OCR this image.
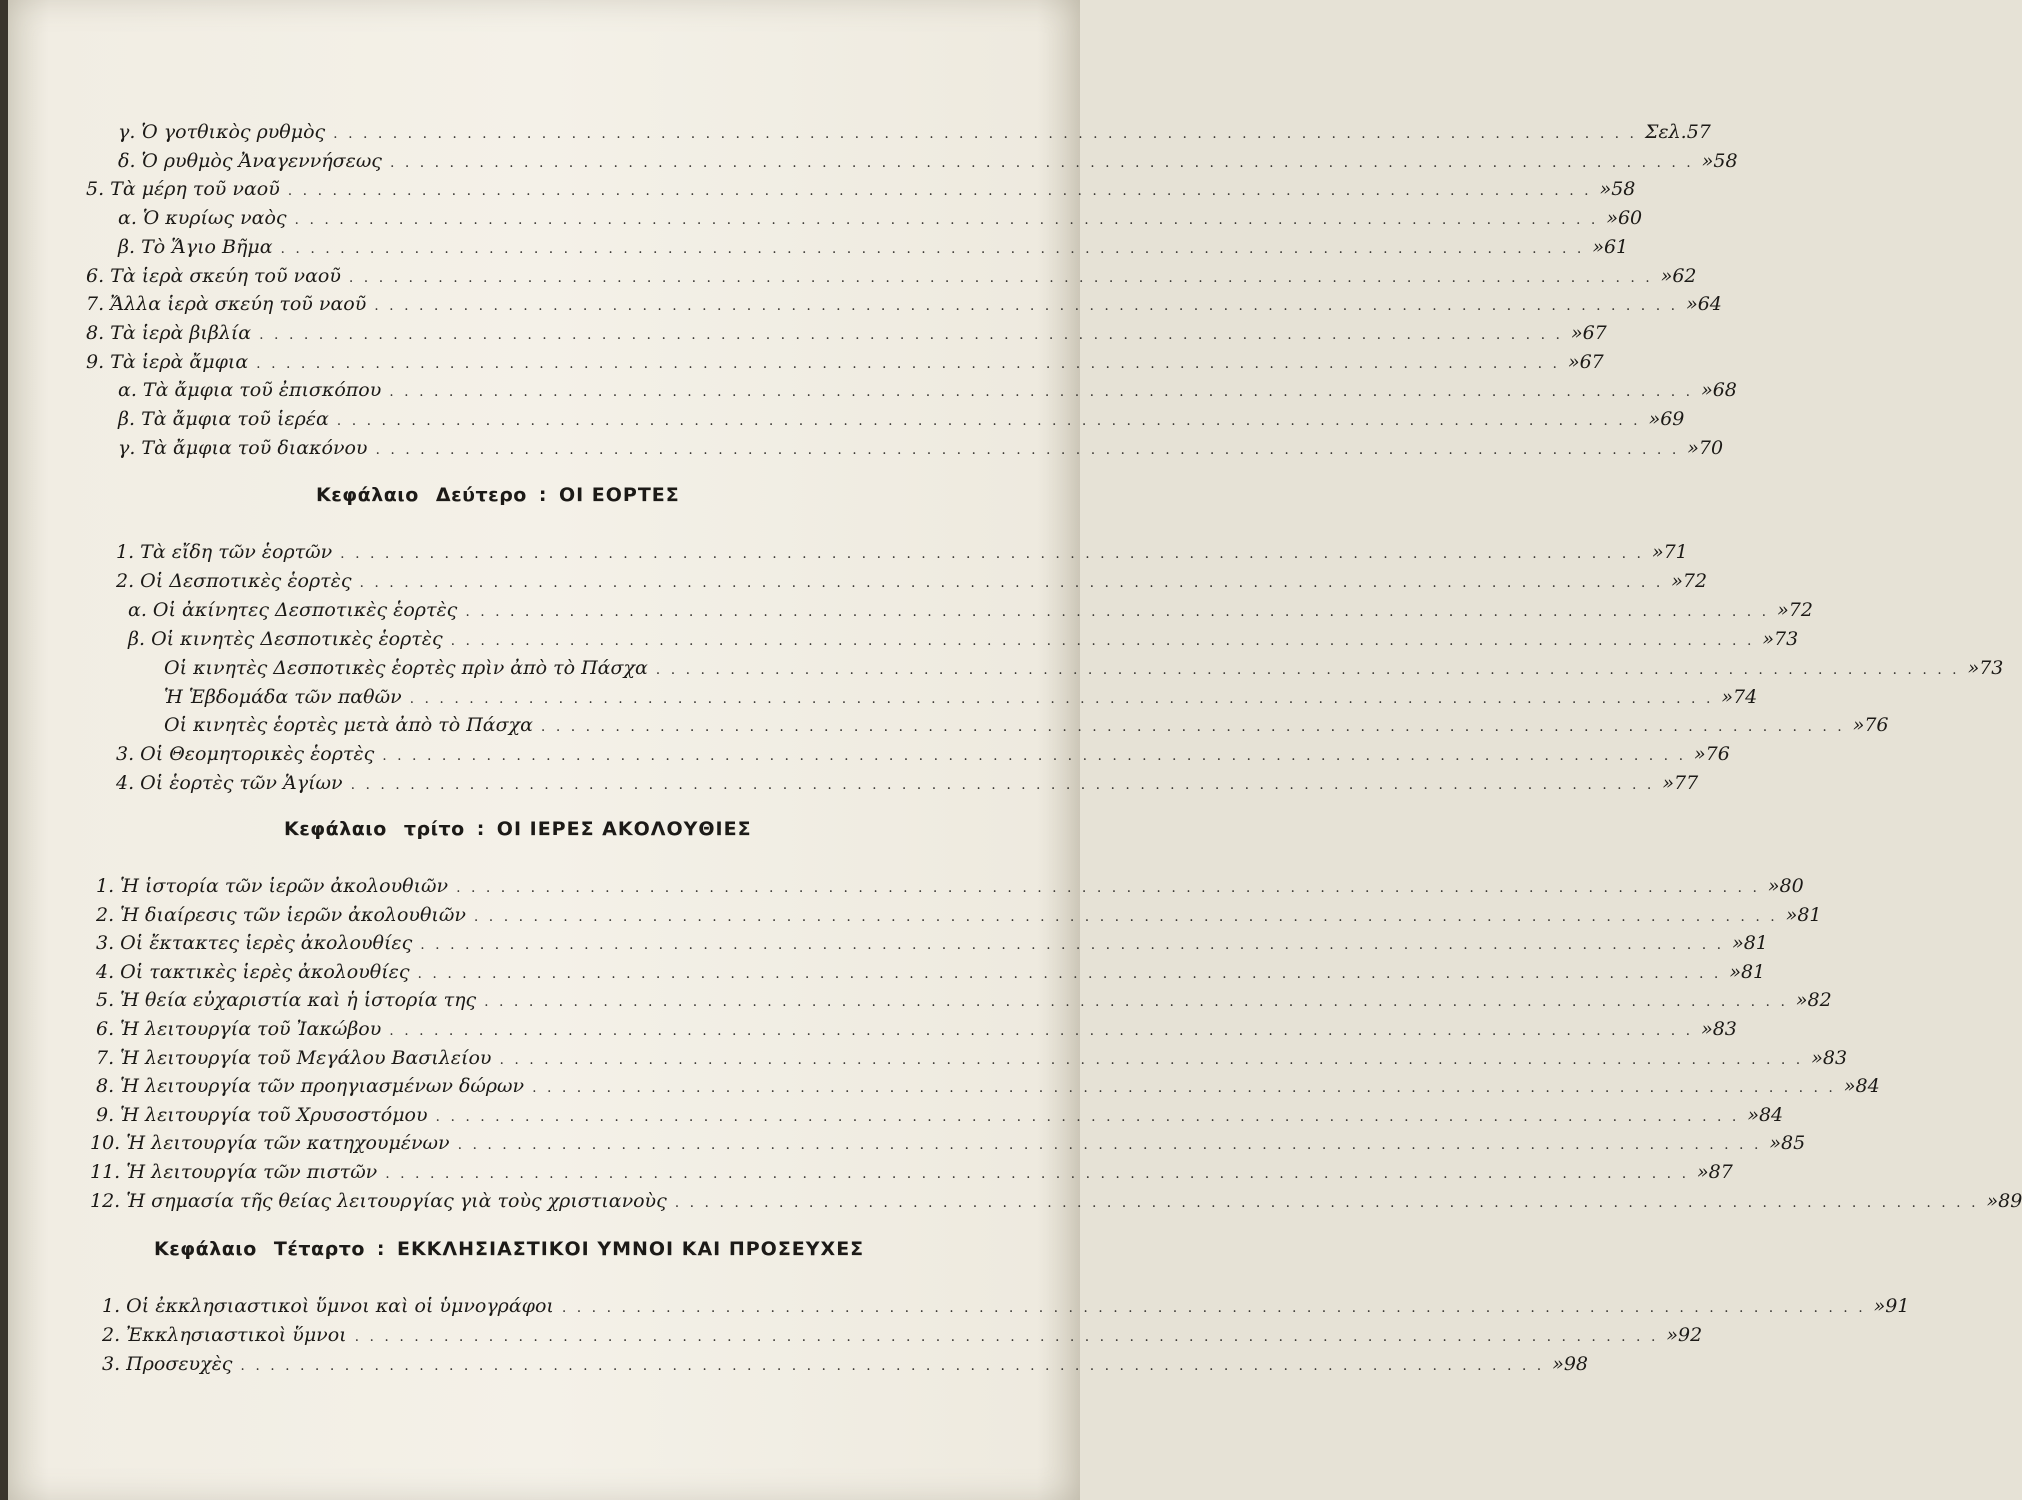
γ. Ὁ γοτθικὸς ρυθμὸς . . . . . . . . . . . . . . . . . . . . . . . . . . . . . . . . . . . . . . . . . . . . . . . . . . . . . . . . . . . . . . . . . . . . . . . . . . . . . . . . . . . . . . . . Σελ. 57
δ. Ὁ ρυθμὸς Ἀναγεννήσεως . . . . . . . . . . . . . . . . . . . . . . . . . . . . . . . . . . . . . . . . . . . . . . . . . . . . . . . . . . . . . . . . . . . . . . . . . . . . . . . . . . . . . . . . » 58
5. Τὰ μέρη τοῦ ναοῦ . . . . . . . . . . . . . . . . . . . . . . . . . . . . . . . . . . . . . . . . . . . . . . . . . . . . . . . . . . . . . . . . . . . . . . . . . . . . . . . . . . . . . . . . » 58
α. Ὁ κυρίως ναὸς . . . . . . . . . . . . . . . . . . . . . . . . . . . . . . . . . . . . . . . . . . . . . . . . . . . . . . . . . . . . . . . . . . . . . . . . . . . . . . . . . . . . . . . . » 60
β. Τὸ Ἅγιο Βῆμα . . . . . . . . . . . . . . . . . . . . . . . . . . . . . . . . . . . . . . . . . . . . . . . . . . . . . . . . . . . . . . . . . . . . . . . . . . . . . . . . . . . . . . . . » 61
6. Τὰ ἱερὰ σκεύη τοῦ ναοῦ . . . . . . . . . . . . . . . . . . . . . . . . . . . . . . . . . . . . . . . . . . . . . . . . . . . . . . . . . . . . . . . . . . . . . . . . . . . . . . . . . . . . . . . . » 62
7. Ἄλλα ἱερὰ σκεύη τοῦ ναοῦ . . . . . . . . . . . . . . . . . . . . . . . . . . . . . . . . . . . . . . . . . . . . . . . . . . . . . . . . . . . . . . . . . . . . . . . . . . . . . . . . . . . . . . . . » 64
8. Τὰ ἱερὰ βιβλία . . . . . . . . . . . . . . . . . . . . . . . . . . . . . . . . . . . . . . . . . . . . . . . . . . . . . . . . . . . . . . . . . . . . . . . . . . . . . . . . . . . . . . . . » 67
9. Τὰ ἱερὰ ἄμφια . . . . . . . . . . . . . . . . . . . . . . . . . . . . . . . . . . . . . . . . . . . . . . . . . . . . . . . . . . . . . . . . . . . . . . . . . . . . . . . . . . . . . . . . » 67
α. Τὰ ἄμφια τοῦ ἐπισκόπου . . . . . . . . . . . . . . . . . . . . . . . . . . . . . . . . . . . . . . . . . . . . . . . . . . . . . . . . . . . . . . . . . . . . . . . . . . . . . . . . . . . . . . . . » 68
β. Τὰ ἄμφια τοῦ ἱερέα . . . . . . . . . . . . . . . . . . . . . . . . . . . . . . . . . . . . . . . . . . . . . . . . . . . . . . . . . . . . . . . . . . . . . . . . . . . . . . . . . . . . . . . . » 69
γ. Τὰ ἄμφια τοῦ διακόνου . . . . . . . . . . . . . . . . . . . . . . . . . . . . . . . . . . . . . . . . . . . . . . . . . . . . . . . . . . . . . . . . . . . . . . . . . . . . . . . . . . . . . . . . » 70
1. Τὰ εἴδη τῶν ἑορτῶν . . . . . . . . . . . . . . . . . . . . . . . . . . . . . . . . . . . . . . . . . . . . . . . . . . . . . . . . . . . . . . . . . . . . . . . . . . . . . . . . . . . . . . . . » 71
2. Οἱ Δεσποτικὲς ἑορτὲς . . . . . . . . . . . . . . . . . . . . . . . . . . . . . . . . . . . . . . . . . . . . . . . . . . . . . . . . . . . . . . . . . . . . . . . . . . . . . . . . . . . . . . . . » 72
α. Οἱ ἀκίνητες Δεσποτικὲς ἑορτὲς . . . . . . . . . . . . . . . . . . . . . . . . . . . . . . . . . . . . . . . . . . . . . . . . . . . . . . . . . . . . . . . . . . . . . . . . . . . . . . . . . . . . . . . . » 72
β. Οἱ κινητὲς Δεσποτικὲς ἑορτὲς . . . . . . . . . . . . . . . . . . . . . . . . . . . . . . . . . . . . . . . . . . . . . . . . . . . . . . . . . . . . . . . . . . . . . . . . . . . . . . . . . . . . . . . . » 73
Οἱ κινητὲς Δεσποτικὲς ἑορτὲς πρὶν ἀπὸ τὸ Πάσχα . . . . . . . . . . . . . . . . . . . . . . . . . . . . . . . . . . . . . . . . . . . . . . . . . . . . . . . . . . . . . . . . . . . . . . . . . . . . . . . . . . . . . . . . » 73
Ἡ Ἑβδομάδα τῶν παθῶν . . . . . . . . . . . . . . . . . . . . . . . . . . . . . . . . . . . . . . . . . . . . . . . . . . . . . . . . . . . . . . . . . . . . . . . . . . . . . . . . . . . . . . . . » 74
Οἱ κινητὲς ἑορτὲς μετὰ ἀπὸ τὸ Πάσχα . . . . . . . . . . . . . . . . . . . . . . . . . . . . . . . . . . . . . . . . . . . . . . . . . . . . . . . . . . . . . . . . . . . . . . . . . . . . . . . . . . . . . . . . » 76
3. Οἱ Θεομητορικὲς ἑορτὲς . . . . . . . . . . . . . . . . . . . . . . . . . . . . . . . . . . . . . . . . . . . . . . . . . . . . . . . . . . . . . . . . . . . . . . . . . . . . . . . . . . . . . . . . » 76
4. Οἱ ἑορτὲς τῶν Ἁγίων . . . . . . . . . . . . . . . . . . . . . . . . . . . . . . . . . . . . . . . . . . . . . . . . . . . . . . . . . . . . . . . . . . . . . . . . . . . . . . . . . . . . . . . . » 77
1. Ἡ ἱστορία τῶν ἱερῶν ἀκολουθιῶν . . . . . . . . . . . . . . . . . . . . . . . . . . . . . . . . . . . . . . . . . . . . . . . . . . . . . . . . . . . . . . . . . . . . . . . . . . . . . . . . . . . . . . . . » 80
2. Ἡ διαίρεσις τῶν ἱερῶν ἀκολουθιῶν . . . . . . . . . . . . . . . . . . . . . . . . . . . . . . . . . . . . . . . . . . . . . . . . . . . . . . . . . . . . . . . . . . . . . . . . . . . . . . . . . . . . . . . . » 81
3. Οἱ ἔκτακτες ἱερὲς ἀκολουθίες . . . . . . . . . . . . . . . . . . . . . . . . . . . . . . . . . . . . . . . . . . . . . . . . . . . . . . . . . . . . . . . . . . . . . . . . . . . . . . . . . . . . . . . . » 81
4. Οἱ τακτικὲς ἱερὲς ἀκολουθίες . . . . . . . . . . . . . . . . . . . . . . . . . . . . . . . . . . . . . . . . . . . . . . . . . . . . . . . . . . . . . . . . . . . . . . . . . . . . . . . . . . . . . . . . » 81
5. Ἡ θεία εὐχαριστία καὶ ἡ ἱστορία της . . . . . . . . . . . . . . . . . . . . . . . . . . . . . . . . . . . . . . . . . . . . . . . . . . . . . . . . . . . . . . . . . . . . . . . . . . . . . . . . . . . . . . . . » 82
6. Ἡ λειτουργία τοῦ Ἰακώβου . . . . . . . . . . . . . . . . . . . . . . . . . . . . . . . . . . . . . . . . . . . . . . . . . . . . . . . . . . . . . . . . . . . . . . . . . . . . . . . . . . . . . . . . » 83
7. Ἡ λειτουργία τοῦ Μεγάλου Βασιλείου . . . . . . . . . . . . . . . . . . . . . . . . . . . . . . . . . . . . . . . . . . . . . . . . . . . . . . . . . . . . . . . . . . . . . . . . . . . . . . . . . . . . . . . . » 83
8. Ἡ λειτουργία τῶν προηγιασμένων δώρων . . . . . . . . . . . . . . . . . . . . . . . . . . . . . . . . . . . . . . . . . . . . . . . . . . . . . . . . . . . . . . . . . . . . . . . . . . . . . . . . . . . . . . . . » 84
9. Ἡ λειτουργία τοῦ Χρυσοστόμου . . . . . . . . . . . . . . . . . . . . . . . . . . . . . . . . . . . . . . . . . . . . . . . . . . . . . . . . . . . . . . . . . . . . . . . . . . . . . . . . . . . . . . . . » 84
10. Ἡ λειτουργία τῶν κατηχουμένων . . . . . . . . . . . . . . . . . . . . . . . . . . . . . . . . . . . . . . . . . . . . . . . . . . . . . . . . . . . . . . . . . . . . . . . . . . . . . . . . . . . . . . . . » 85
11. Ἡ λειτουργία τῶν πιστῶν . . . . . . . . . . . . . . . . . . . . . . . . . . . . . . . . . . . . . . . . . . . . . . . . . . . . . . . . . . . . . . . . . . . . . . . . . . . . . . . . . . . . . . . . » 87
12. Ἡ σημασία τῆς θείας λειτουργίας γιὰ τοὺς χριστιανοὺς . . . . . . . . . . . . . . . . . . . . . . . . . . . . . . . . . . . . . . . . . . . . . . . . . . . . . . . . . . . . . . . . . . . . . . . . . . . . . . . . . . . . . . . . » 89
1. Οἱ ἐκκλησιαστικοὶ ὕμνοι καὶ οἱ ὑμνογράφοι . . . . . . . . . . . . . . . . . . . . . . . . . . . . . . . . . . . . . . . . . . . . . . . . . . . . . . . . . . . . . . . . . . . . . . . . . . . . . . . . . . . . . . . . » 91
2. Ἐκκλησιαστικοὶ ὕμνοι . . . . . . . . . . . . . . . . . . . . . . . . . . . . . . . . . . . . . . . . . . . . . . . . . . . . . . . . . . . . . . . . . . . . . . . . . . . . . . . . . . . . . . . . » 92
3. Προσευχὲς . . . . . . . . . . . . . . . . . . . . . . . . . . . . . . . . . . . . . . . . . . . . . . . . . . . . . . . . . . . . . . . . . . . . . . . . . . . . . . . . . . . . . . . . » 98
Κεφάλαιο Δεύτερο : ΟΙ ΕΟΡΤΕΣ
Κεφάλαιο τρίτο : ΟΙ ΙΕΡΕΣ ΑΚΟΛΟΥΘΙΕΣ
Κεφάλαιο Τέταρτο : ΕΚΚΛΗΣΙΑΣΤΙΚΟΙ ΥΜΝΟΙ ΚΑΙ ΠΡΟΣΕΥΧΕΣ
